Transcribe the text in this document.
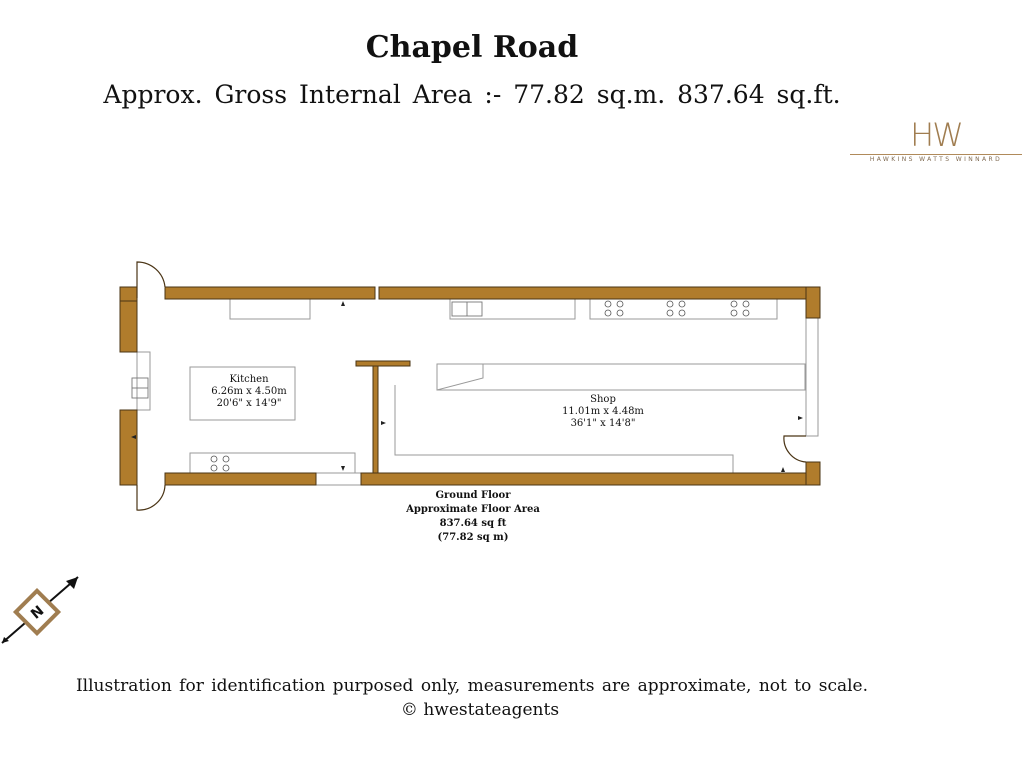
Chapel Road
Approx. Gross Internal Area :- 77.82 sq.m. 837.64 sq.ft.
HW
HAWKINS WATTS WINNARD
Kitchen
6.26m x 4.50m
20'6" x 14'9"	Shop
11.01m x 4.48m
36'1" x 14'8"
Ground Floor
Approximate Floor Area
837.64 sq ft
(77.82 sq m)
N
Illustration for identification purposed only, measurements are approximate, not to scale.
© hwestateagents
